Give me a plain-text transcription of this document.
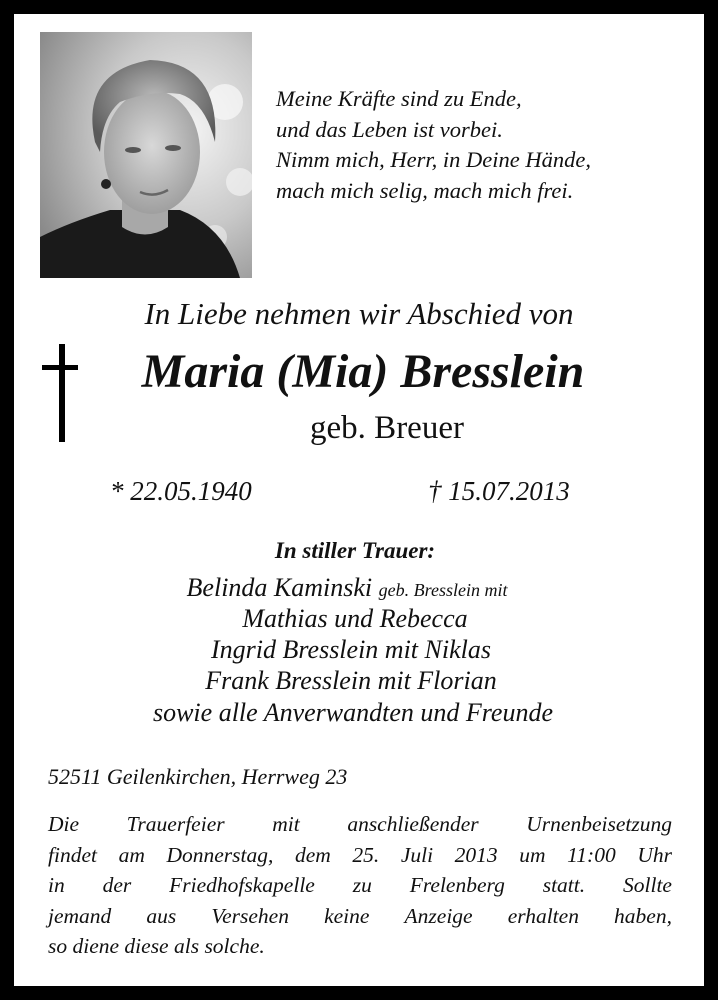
Meine Kräfte sind zu Ende,
und das Leben ist vorbei.
Nimm mich, Herr, in Deine Hände,
mach mich selig, mach mich frei.
In Liebe nehmen wir Abschied von
Maria (Mia) Bresslein
geb. Breuer
* 22.05.1940	† 15.07.2013
In stiller Trauer:
Belinda Kaminski geb. Bresslein mit
Mathias und Rebecca
Ingrid Bresslein mit Niklas
Frank Bresslein mit Florian
sowie alle Anverwandten und Freunde
52511 Geilenkirchen, Herrweg 23
Die Trauerfeier mit anschließender Urnenbeisetzung
findet am Donnerstag, dem 25. Juli 2013 um 11:00 Uhr
in der Friedhofskapelle zu Frelenberg statt. Sollte
jemand aus Versehen keine Anzeige erhalten haben,
so diene diese als solche.
